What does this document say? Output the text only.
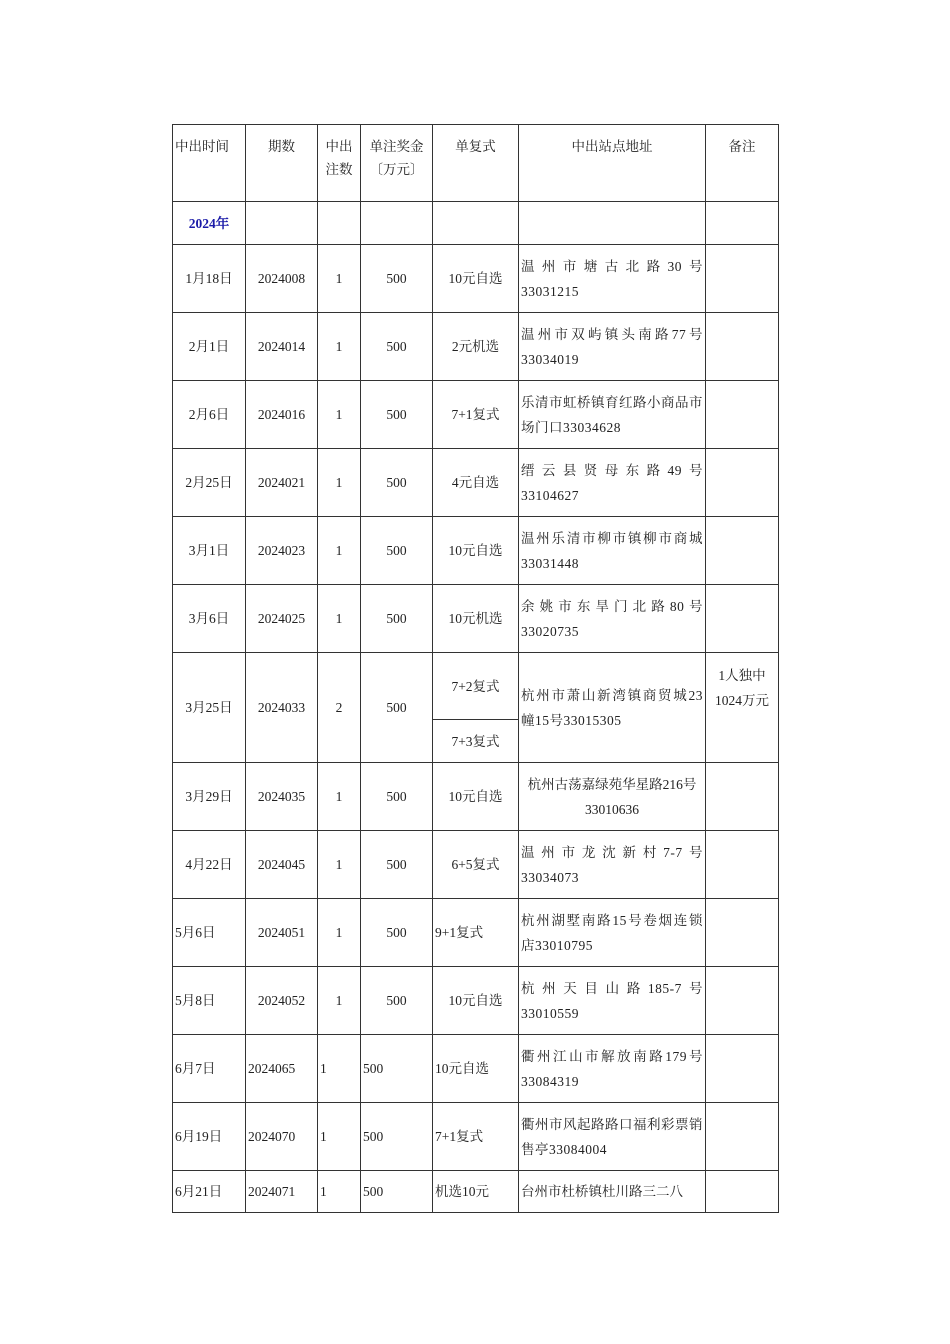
中出时间	期数	中出注数	单注奖金〔万元〕	单复式	中出站点地址	备注
2024年						
1月18日	2024008	1	500	10元自选	温州市塘古北路30号33031215	
2月1日	2024014	1	500	2元机选	温州市双屿镇头南路77号33034019	
2月6日	2024016	1	500	7+1复式	乐清市虹桥镇育红路小商品市场门口33034628	
2月25日	2024021	1	500	4元自选	缙云县贤母东路49号33104627	
3月1日	2024023	1	500	10元自选	温州乐清市柳市镇柳市商城33031448	
3月6日	2024025	1	500	10元机选	余姚市东旱门北路80号33020735	
3月25日	2024033	2	500	7+2复式	杭州市萧山新湾镇商贸城23幢15号33015305	1人独中1024万元
				7+3复式		
3月29日	2024035	1	500	10元自选	杭州古荡嘉绿苑华星路216号33010636	
4月22日	2024045	1	500	6+5复式	温州市龙沈新村7-7号33034073	
5月6日	2024051	1	500	9+1复式	杭州湖墅南路15号卷烟连锁店33010795	
5月8日	2024052	1	500	10元自选	杭州天目山路185-7号33010559	
6月7日	2024065	1	500	10元自选	衢州江山市解放南路179号33084319	
6月19日	2024070	1	500	7+1复式	衢州市风起路路口福利彩票销售亭33084004	
6月21日	2024071	1	500	机选10元	台州市杜桥镇杜川路三二八	
